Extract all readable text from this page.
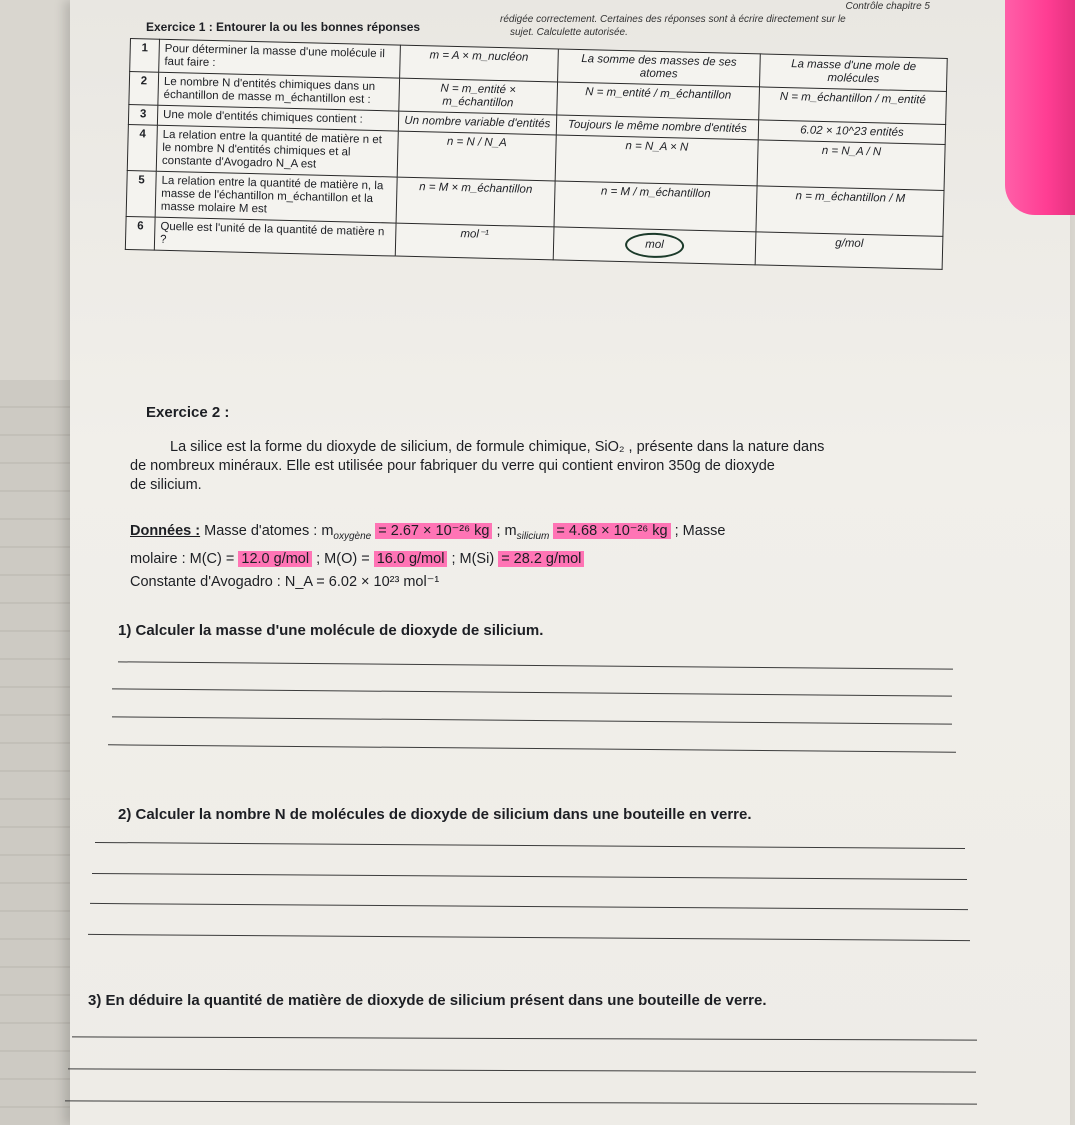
Contrôle chapitre 5
rédigée correctement. Certaines des réponses sont à écrire directement sur le
sujet. Calculette autorisée.
Exercice 1 : Entourer la ou les bonnes réponses
1	Pour déterminer la masse d'une molécule il faut faire :	m = A × m_nucléon	La somme des masses de ses atomes	La masse d'une mole de molécules
2	Le nombre N d'entités chimiques dans un échantillon de masse m_échantillon est :	N = m_entité × m_échantillon	N = m_entité / m_échantillon	N = m_échantillon / m_entité
3	Une mole d'entités chimiques contient :	Un nombre variable d'entités	Toujours le même nombre d'entités	6.02 × 10^23 entités
4	La relation entre la quantité de matière n et le nombre N d'entités chimiques et al constante d'Avogadro N_A est	n = N / N_A	n = N_A × N	n = N_A / N
5	La relation entre la quantité de matière n, la masse de l'échantillon m_échantillon et la masse molaire M est	n = M × m_échantillon	n = M / m_échantillon	n = m_échantillon / M
6	Quelle est l'unité de la quantité de matière n ?	mol⁻¹	mol	g/mol
Exercice 2 :

La silice est la forme du dioxyde de silicium, de formule chimique, SiO₂ , présente dans la nature dans

de nombreux minéraux. Elle est utilisée pour fabriquer du verre qui contient environ 350g de dioxyde

de silicium.

Données : Masse d'atomes : $m_{oxygène} = 2.67 \times 10^{-26}$ kg ; $m_{silicium} = 4.68 \times 10^{-26}$ kg ; Masse
molaire : M(C) = 12.0 g/mol ; M(O) = 16.0 g/mol ; M(Si) = 28.2 g/mol
Constante d'Avogadro : N_A = 6.02 × 10²³ mol⁻¹
1) Calculer la masse d'une molécule de dioxyde de silicium.
2) Calculer la nombre N de molécules de dioxyde de silicium dans une bouteille en verre.
3) En déduire la quantité de matière de dioxyde de silicium présent dans une bouteille de verre.
